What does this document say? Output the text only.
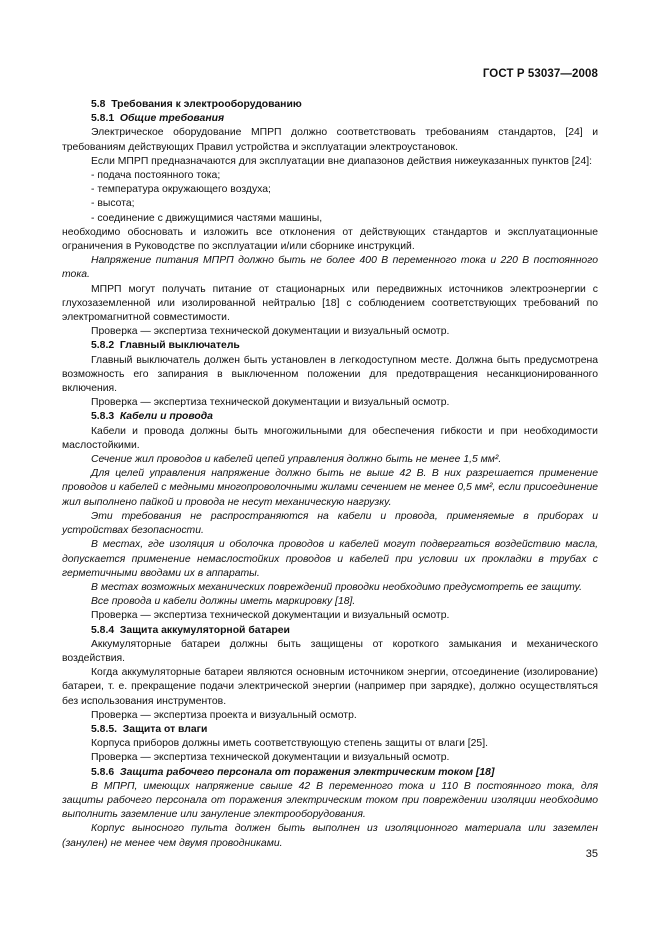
ГОСТ Р 53037—2008
5.8 Требования к электрооборудованию
5.8.1 Общие требования
Электрическое оборудование МПРП должно соответствовать требованиям стандартов, [24] и требованиям действующих Правил устройства и эксплуатации электроустановок.
Если МПРП предназначаются для эксплуатации вне диапазонов действия нижеуказанных пунктов [24]:
- подача постоянного тока;
- температура окружающего воздуха;
- высота;
- соединение с движущимися частями машины,
необходимо обосновать и изложить все отклонения от действующих стандартов и эксплуатационные ограничения в Руководстве по эксплуатации и/или сборнике инструкций.
Напряжение питания МПРП должно быть не более 400 В переменного тока и 220 В постоянного тока.
МПРП могут получать питание от стационарных или передвижных источников электроэнергии с глухозаземленной или изолированной нейтралью [18] с соблюдением соответствующих требований по электромагнитной совместимости.
Проверка — экспертиза технической документации и визуальный осмотр.
5.8.2 Главный выключатель
Главный выключатель должен быть установлен в легкодоступном месте. Должна быть предусмотрена возможность его запирания в выключенном положении для предотвращения несанкционированного включения.
Проверка — экспертиза технической документации и визуальный осмотр.
5.8.3 Кабели и провода
Кабели и провода должны быть многожильными для обеспечения гибкости и при необходимости маслостойкими.
Сечение жил проводов и кабелей цепей управления должно быть не менее 1,5 мм².
Для целей управления напряжение должно быть не выше 42 В. В них разрешается применение проводов и кабелей с медными многопроволочными жилами сечением не менее 0,5 мм², если присоединение жил выполнено пайкой и провода не несут механическую нагрузку.
Эти требования не распространяются на кабели и провода, применяемые в приборах и устройствах безопасности.
В местах, где изоляция и оболочка проводов и кабелей могут подвергаться воздействию масла, допускается применение немаслостойких проводов и кабелей при условии их прокладки в трубах с герметичными вводами их в аппараты.
В местах возможных механических повреждений проводки необходимо предусмотреть ее защиту.
Все провода и кабели должны иметь маркировку [18].
Проверка — экспертиза технической документации и визуальный осмотр.
5.8.4 Защита аккумуляторной батареи
Аккумуляторные батареи должны быть защищены от короткого замыкания и механического воздействия.
Когда аккумуляторные батареи являются основным источником энергии, отсоединение (изолирование) батареи, т. е. прекращение подачи электрической энергии (например при зарядке), должно осуществляться без использования инструментов.
Проверка — экспертиза проекта и визуальный осмотр.
5.8.5. Защита от влаги
Корпуса приборов должны иметь соответствующую степень защиты от влаги [25].
Проверка — экспертиза технической документации и визуальный осмотр.
5.8.6 Защита рабочего персонала от поражения электрическим током [18]
В МПРП, имеющих напряжение свыше 42 В переменного тока и 110 В постоянного тока, для защиты рабочего персонала от поражения электрическим током при повреждении изоляции необходимо выполнить заземление или зануление электрооборудования.
Корпус выносного пульта должен быть выполнен из изоляционного материала или заземлен (занулен) не менее чем двумя проводниками.
35
